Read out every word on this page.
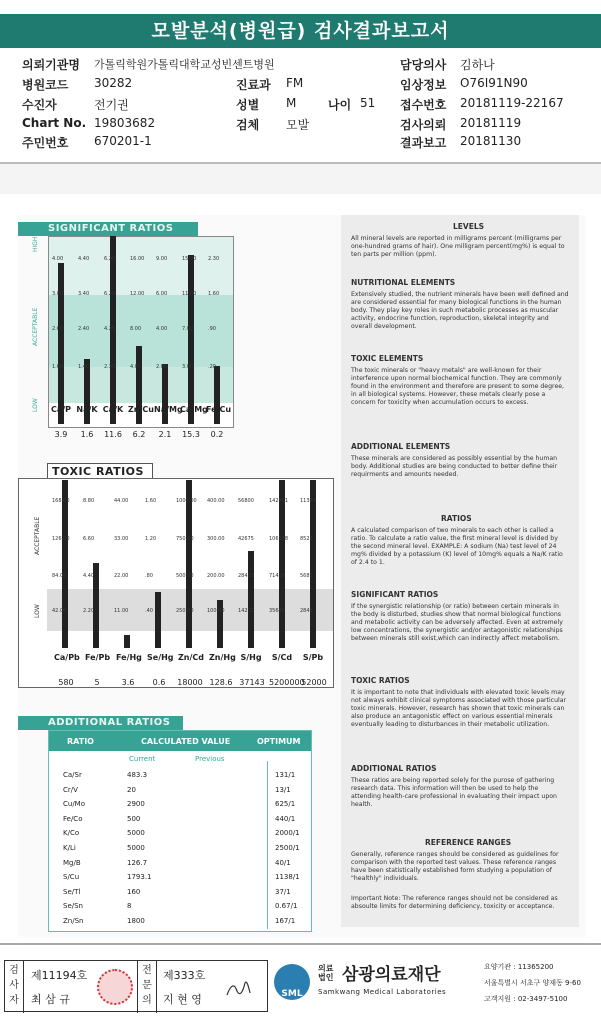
모발분석(병원급) 검사결과보고서
의뢰기관명 가톨릭학원가톨릭대학교성빈센트병원
병원코드 30282
수진자	전기권
Chart No. 19803682
주민번호 670201-1
진료과 FM
성별 M	나이 51
검체 모발
담당의사 김하나
임상정보 O76I91N90
접수번호 20181119-22167
검사의뢰 20181119
결과보고 20181130
SIGNIFICANT RATIOS
HIGH
ACCEPTABLE
LOW
4.00
3.00
2.60
1.60
Ca/P
3.9
4.40
3.40
2.40
1.40
Na/K
1.6
6.20
6.20
4.25
2.30
Ca/K
11.6
16.00
12.00
8.00
4.00
Zn/Cu
6.2
9.00
6.00
4.00
2.00
Na/Mg
2.1
15.00
11.00
7.00
3.00
Ca/Mg
15.3
2.30
1.60
.90
.20
Fe/Cu
0.2
TOXIC RATIOS
ACCEPTABLE
LOW
168.00
126.00
84.00
42.00
Ca/Pb
580
8.80
6.60
4.40
2.20
Fe/Pb
5
44.00
33.00
22.00
11.00
Fe/Hg
3.6
1.60
1.20
.80
.40
Se/Hg
0.6
1000.00
750.00
500.00
250.00
Zn/Cd
18000
400.00
300.00
200.00
100.00
Zn/Hg
128.6
56800
42675
28450
14225
S/Hg
37143
142851
106158
71428
35645
S/Cd
5200000
11364
8523
5682
2841
S/Pb
52000
ADDITIONAL RATIOS
RATIO	CALCULATED VALUE	OPTIMUM
Current	Previous
Ca/Sr	483.3	131/1
Cr/V	20	13/1
Cu/Mo	2900	625/1
Fe/Co	500	440/1
K/Co	5000	2000/1
K/Li	5000	2500/1
Mg/B	126.7	40/1
S/Cu	1793.1	1138/1
Se/Tl	160	37/1
Se/Sn	8	0.67/1
Zn/Sn	1800	167/1
LEVELS

All mineral levels are reported in milligrams percent (milligrams per one-hundred grams of hair). One milligram percent(mg%) is equal to ten parts per million (ppm).

NUTRITIONAL ELEMENTS

Extensively studied, the nutrient minerals have been well defined and are considered essential for many biological functions in the human body. They play key roles in such metabolic processes as muscular activity, endocrine function, reproduction, skeletal integrity and overall development.

TOXIC ELEMENTS

The toxic minerals or "heavy metals" are well-known for their interference upon normal biochemical function. They are commonly found in the environment and therefore are present to some degree, in all biological systems. However, these metals clearly pose a concern for toxicity when accumulation occurs to excess.

ADDITIONAL ELEMENTS

These minerals are considered as possibly essential by the human body. Additional studies are being conducted to better define their requirments and amounts needed.

RATIOS

A calculated comparison of two minerals to each other is called a ratio. To calculate a ratio value, the first mineral level is divided by the second mineral level. EXAMPLE: A sodium (Na) test level of 24 mg% divided by a potassium (K) level of 10mg% equals a Na/K ratio of 2.4 to 1.

SIGNIFICANT RATIOS

If the synergistic relationship (or ratio) between certain minerals in the body is disturbed, studies show that normal biological functions and metabolic activity can be adversely affected. Even at extremely low concentrations, the synergistic and/or antagonistic relationships between minerals still exist,which can indirectly affect metabolism.

TOXIC RATIOS

It is important to note that individuals with elevated toxic levels may not always exhibit clinical symptoms associated with those particular toxic minerals. However, research has shown that toxic minerals can also produce an antagonistic effect on various essential minerals eventually leading to disturbances in their metabolic utilization.

ADDITIONAL RATIOS

These ratios are being reported solely for the purose of gathering research data. This information will then be used to help the attending health-care professional in evaluating their impact upon health.

REFERENCE RANGES

Generally, reference ranges should be considered as guidelines for comparison with the reported test values. These reference ranges have been statistically established form studying a population of "healthly" individuals.

Important Note: The reference ranges should not be considered as absoulte limits for determining deficiency, toxicity or acceptance.

검사자
제11194호
최 삼 규
전문의
제333호
지 현 영	SML
의료법인 삼광의료재단
Samkwang Medical Laboratories
요양기관 : 11365200
서울특별시 서초구 양재동 9-60
고객지원 : 02-3497-5100
